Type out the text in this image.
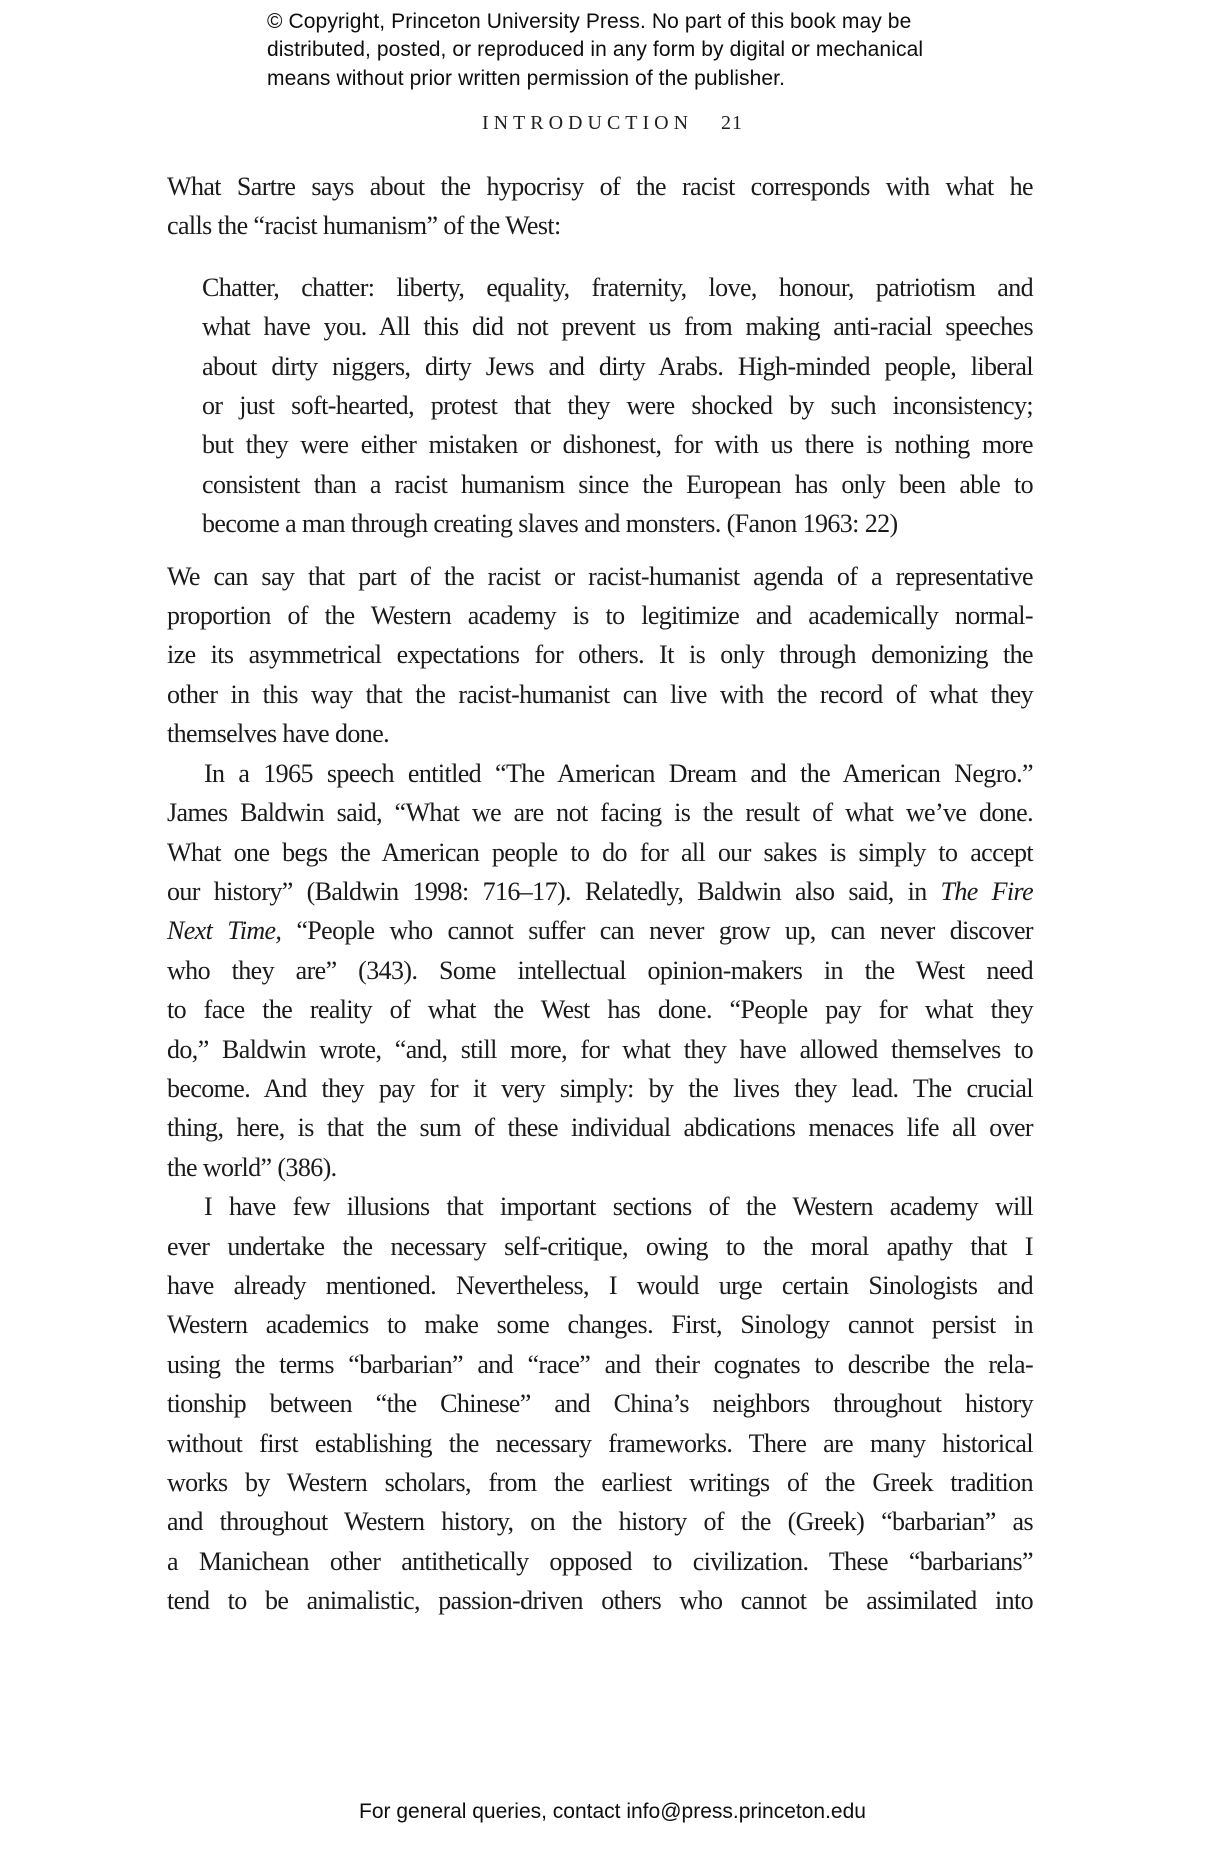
© Copyright, Princeton University Press. No part of this book may be
distributed, posted, or reproduced in any form by digital or mechanical
means without prior written permission of the publisher.
INTRODUCTION 21
What Sartre says about the hypocrisy of the racist corresponds with what he
calls the “racist humanism” of the West:
Chatter, chatter: liberty, equality, fraternity, love, honour, patriotism and
what have you. All this did not prevent us from making anti-racial speeches
about dirty niggers, dirty Jews and dirty Arabs. High-minded people, liberal
or just soft-hearted, protest that they were shocked by such inconsistency;
but they were either mistaken or dishonest, for with us there is nothing more
consistent than a racist humanism since the European has only been able to
become a man through creating slaves and monsters. (Fanon 1963: 22)
We can say that part of the racist or racist-humanist agenda of a representative
proportion of the Western academy is to legitimize and academically normal-
ize its asymmetrical expectations for others. It is only through demonizing the
other in this way that the racist-humanist can live with the record of what they
themselves have done.
In a 1965 speech entitled “The American Dream and the American Negro.”
James Baldwin said, “What we are not facing is the result of what we’ve done.
What one begs the American people to do for all our sakes is simply to accept
our history” (Baldwin 1998: 716–17). Relatedly, Baldwin also said, in The Fire
Next Time, “People who cannot suffer can never grow up, can never discover
who they are” (343). Some intellectual opinion-makers in the West need
to face the reality of what the West has done. “People pay for what they
do,” Baldwin wrote, “and, still more, for what they have allowed themselves to
become. And they pay for it very simply: by the lives they lead. The crucial
thing, here, is that the sum of these individual abdications menaces life all over
the world” (386).
I have few illusions that important sections of the Western academy will
ever undertake the necessary self-critique, owing to the moral apathy that I
have already mentioned. Nevertheless, I would urge certain Sinologists and
Western academics to make some changes. First, Sinology cannot persist in
using the terms “barbarian” and “race” and their cognates to describe the rela-
tionship between “the Chinese” and China’s neighbors throughout history
without first establishing the necessary frameworks. There are many historical
works by Western scholars, from the earliest writings of the Greek tradition
and throughout Western history, on the history of the (Greek) “barbarian” as
a Manichean other antithetically opposed to civilization. These “barbarians”
tend to be animalistic, passion-driven others who cannot be assimilated into
For general queries, contact info@press.princeton.edu
